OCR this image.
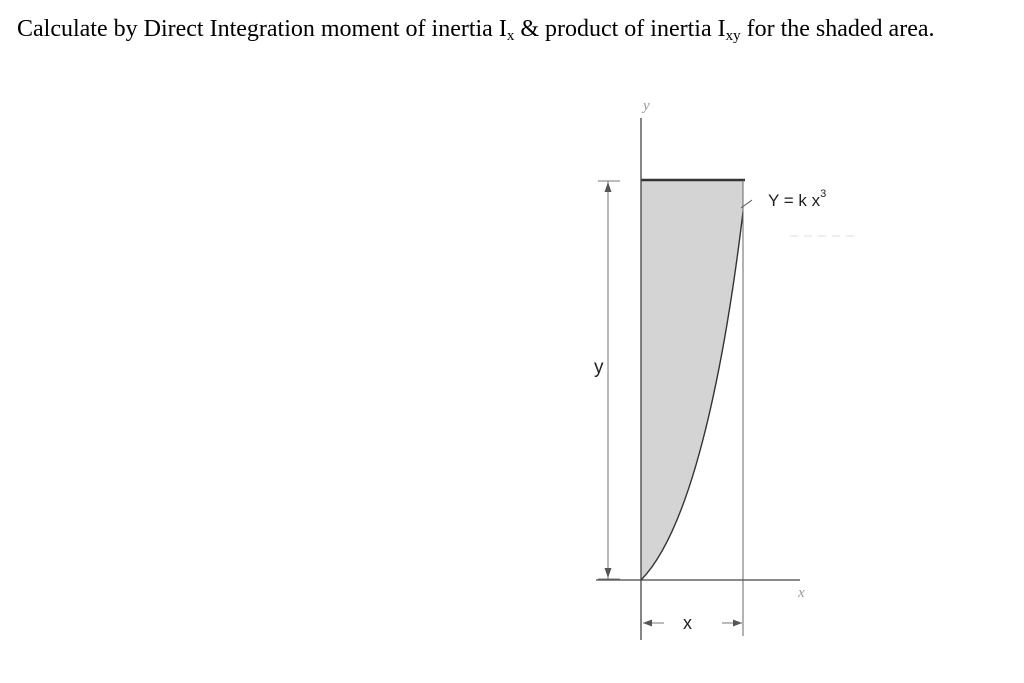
Calculate by Direct Integration moment of inertia $I_x$ & product of inertia $I_{xy}$ for the shaded area.
y
x
Y = k $x^3$
y
x
